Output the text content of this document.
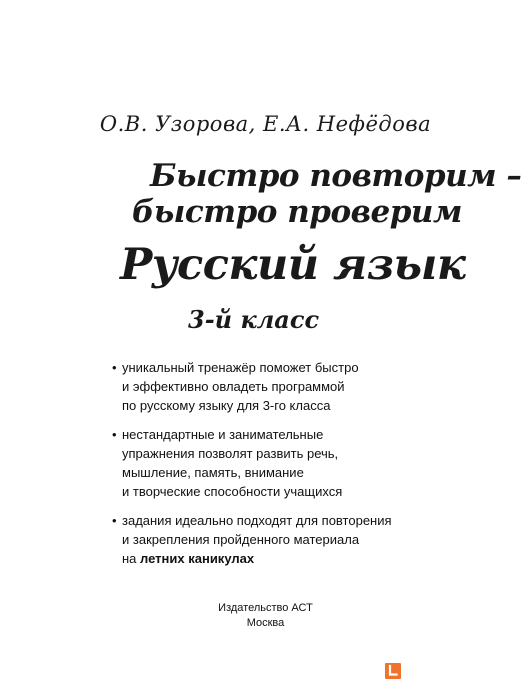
О.В. Узорова, Е.А. Нефёдова
Быстро повторим –
быстро проверим
Русский язык
3-й класс
• уникальный тренажёр поможет быстро
и эффективно овладеть программой
по русскому языку для 3-го класса
• нестандартные и занимательные
упражнения позволят развить речь,
мышление, память, внимание
и творческие способности учащихся
• задания идеально подходят для повторения
и закрепления пройденного материала
на летних каникулах
Издательство АСТ
Москва
